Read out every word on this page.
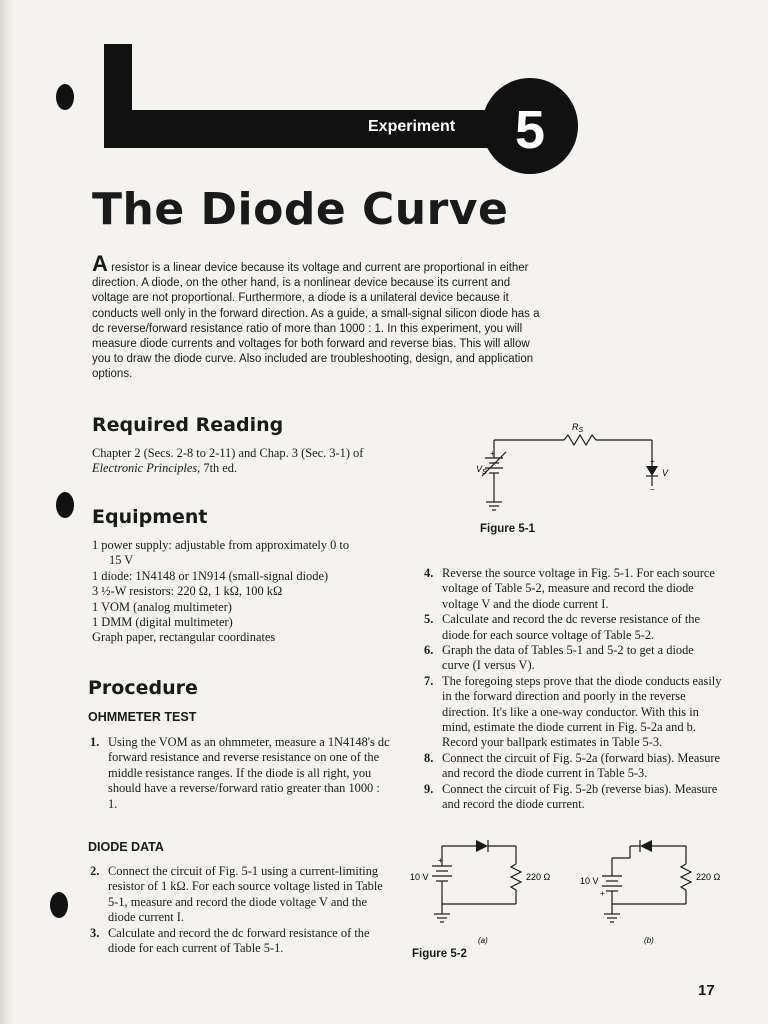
Experiment	5
The Diode Curve
A resistor is a linear device because its voltage and current are proportional in either direction. A diode, on the other hand, is a nonlinear device because its current and voltage are not proportional. Furthermore, a diode is a unilateral device because it conducts well only in the forward direction. As a guide, a small-signal silicon diode has a dc reverse/forward resistance ratio of more than 1000 : 1. In this experiment, you will measure diode currents and voltages for both forward and reverse bias. This will allow you to draw the diode curve. Also included are troubleshooting, design, and application options.
Required Reading
Chapter 2 (Secs. 2-8 to 2-11) and Chap. 3 (Sec. 3-1) of Electronic Principles, 7th ed.
Equipment
1 power supply: adjustable from approximately 0 to
15 V
1 diode: 1N4148 or 1N914 (small-signal diode)
3 ½-W resistors: 220 Ω, 1 kΩ, 100 kΩ
1 VOM (analog multimeter)
1 DMM (digital multimeter)
Graph paper, rectangular coordinates
Procedure
OHMMETER TEST
1. Using the VOM as an ohmmeter, measure a 1N4148's dc forward resistance and reverse resistance on one of the middle resistance ranges. If the diode is all right, you should have a reverse/forward ratio greater than 1000 : 1.
DIODE DATA
2. Connect the circuit of Fig. 5-1 using a current-limiting resistor of 1 kΩ. For each source voltage listed in Table 5-1, measure and record the diode voltage V and the diode current I.
3. Calculate and record the dc forward resistance of the diode for each current of Table 5-1.
4. Reverse the source voltage in Fig. 5-1. For each source voltage of Table 5-2, measure and record the diode voltage V and the diode current I.
5. Calculate and record the dc reverse resistance of the diode for each source voltage of Table 5-2.
6. Graph the data of Tables 5-1 and 5-2 to get a diode curve (I versus V).
7. The foregoing steps prove that the diode conducts easily in the forward direction and poorly in the reverse direction. It's like a one-way conductor. With this in mind, estimate the diode current in Fig. 5-2a and b. Record your ballpark estimates in Table 5-3.
8. Connect the circuit of Fig. 5-2a (forward bias). Measure and record the diode current in Table 5-3.
9. Connect the circuit of Fig. 5-2b (reverse bias). Measure and record the diode current.
$R_S$
$V_S$
+
+
−
V
Figure 5-1
10 V
+
220 Ω
(a)
10 V
+
220 Ω
(b)
Figure 5-2
17
